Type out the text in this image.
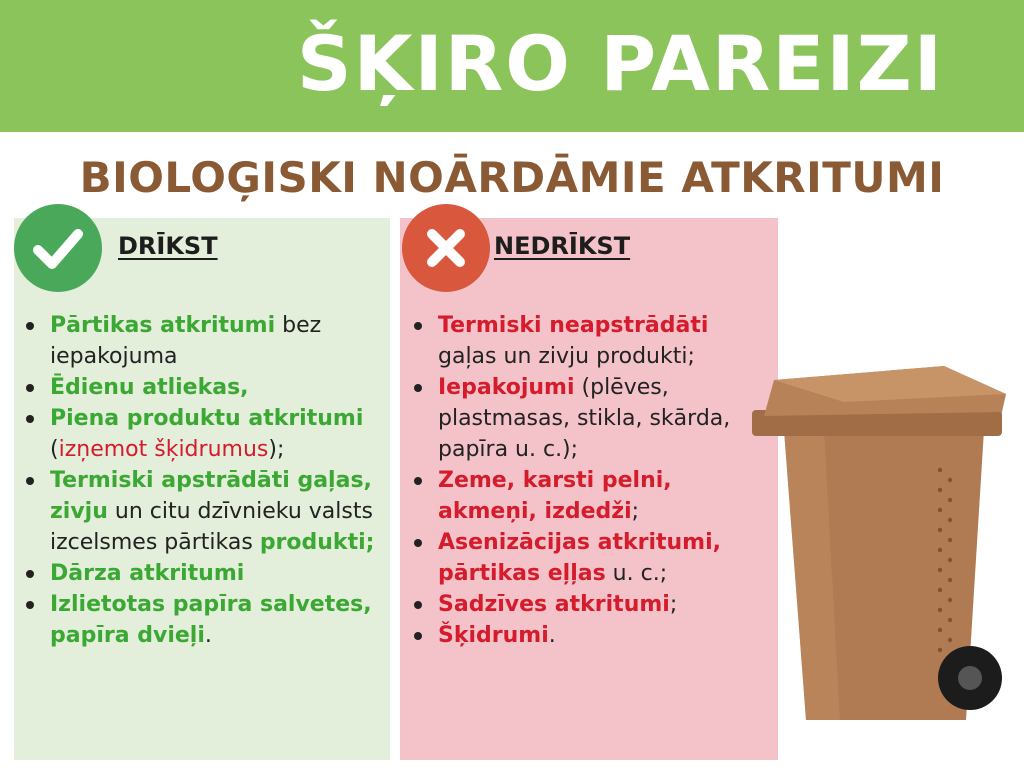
ŠĶIRO PAREIZI
BIOLOĢISKI NOĀRDĀMIE ATKRITUMI
DRĪKST	NEDRĪKST
Pārtikas atkritumi bez iepakojuma
Ēdienu atliekas,
Piena produktu atkritumi (izņemot šķidrumus);
Termiski apstrādāti gaļas, zivju un citu dzīvnieku valsts izcelsmes pārtikas produkti;
Dārza atkritumi
Izlietotas papīra salvetes, papīra dvieļi.
Termiski neapstrādāti gaļas un zivju produkti;
Iepakojumi (plēves, plastmasas, stikla, skārda, papīra u. c.);
Zeme, karsti pelni, akmeņi, izdedži;
Asenizācijas atkritumi, pārtikas eļļas u. c.;
Sadzīves atkritumi;
Šķidrumi.
